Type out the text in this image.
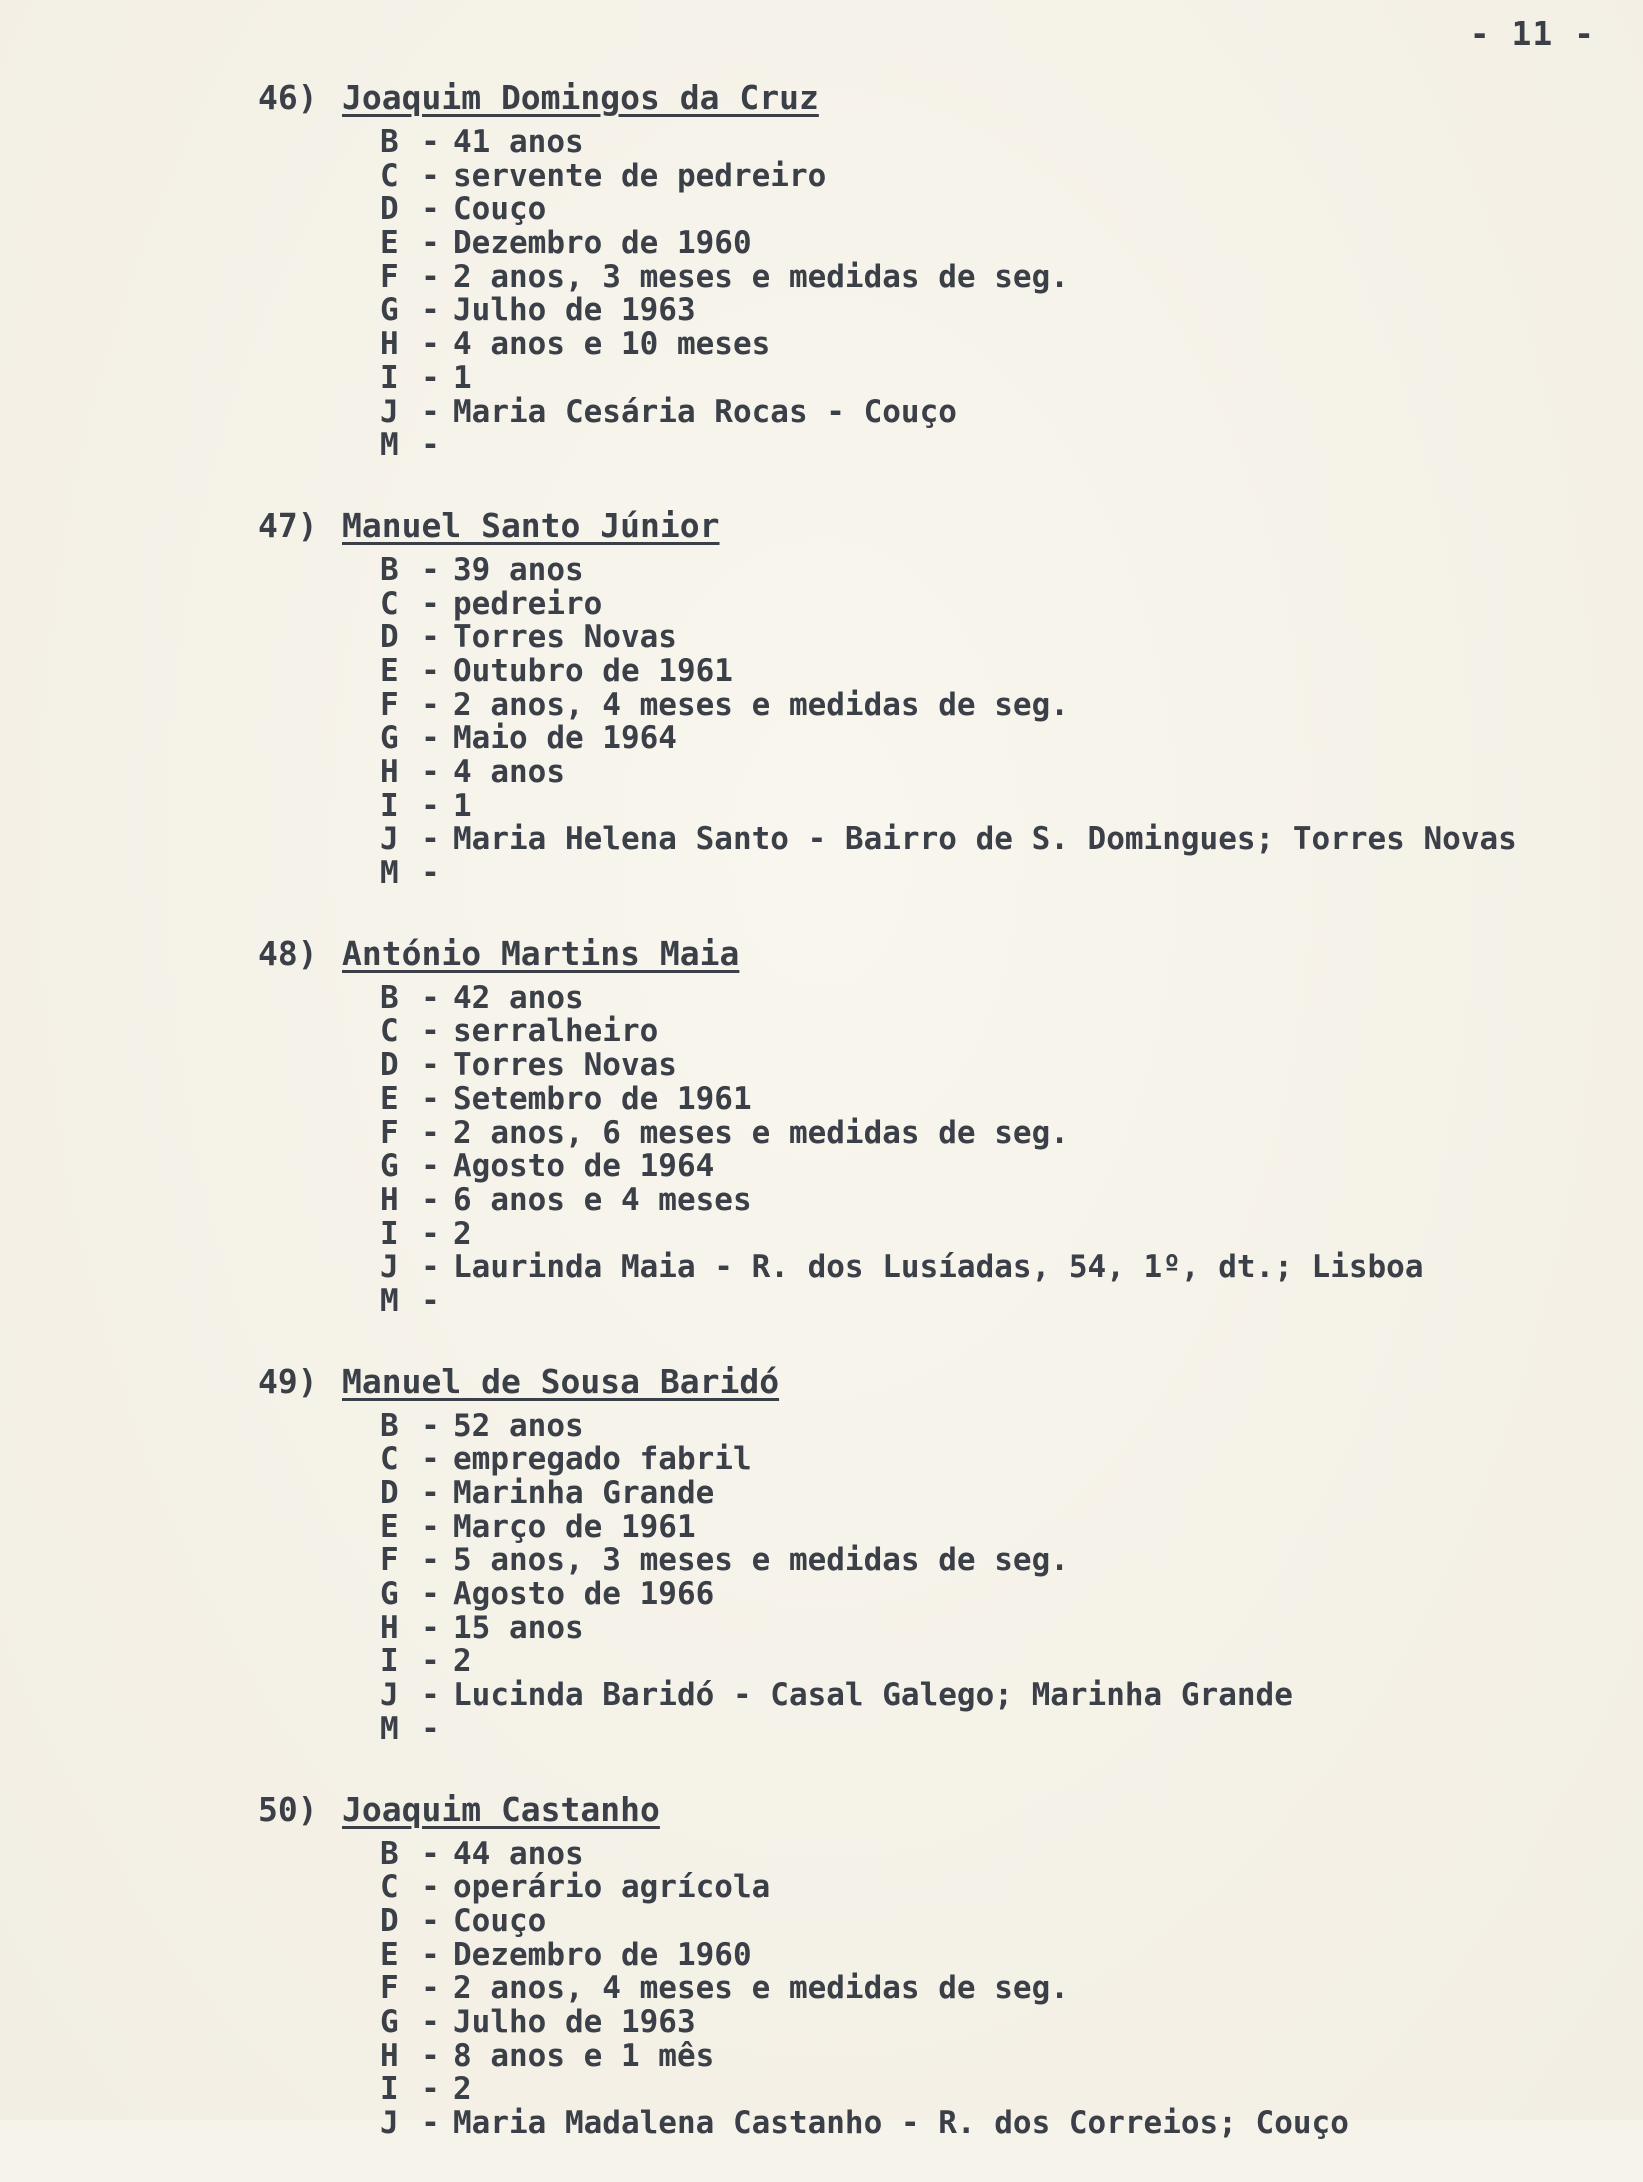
- 11 -
46) Joaquim Domingos da Cruz
B - 41 anos
C - servente de pedreiro
D - Couço
E - Dezembro de 1960
F - 2 anos, 3 meses e medidas de seg.
G - Julho de 1963
H - 4 anos e 10 meses
I - 1
J - Maria Cesária Rocas - Couço
M -
47) Manuel Santo Júnior
B - 39 anos
C - pedreiro
D - Torres Novas
E - Outubro de 1961
F - 2 anos, 4 meses e medidas de seg.
G - Maio de 1964
H - 4 anos
I - 1
J - Maria Helena Santo - Bairro de S. Domingues; Torres Novas
M -
48) António Martins Maia
B - 42 anos
C - serralheiro
D - Torres Novas
E - Setembro de 1961
F - 2 anos, 6 meses e medidas de seg.
G - Agosto de 1964
H - 6 anos e 4 meses
I - 2
J - Laurinda Maia - R. dos Lusíadas, 54, 1º, dt.; Lisboa
M -
49) Manuel de Sousa Baridó
B - 52 anos
C - empregado fabril
D - Marinha Grande
E - Março de 1961
F - 5 anos, 3 meses e medidas de seg.
G - Agosto de 1966
H - 15 anos
I - 2
J - Lucinda Baridó - Casal Galego; Marinha Grande
M -
50) Joaquim Castanho
B - 44 anos
C - operário agrícola
D - Couço
E - Dezembro de 1960
F - 2 anos, 4 meses e medidas de seg.
G - Julho de 1963
H - 8 anos e 1 mês
I - 2
J - Maria Madalena Castanho - R. dos Correios; Couço
